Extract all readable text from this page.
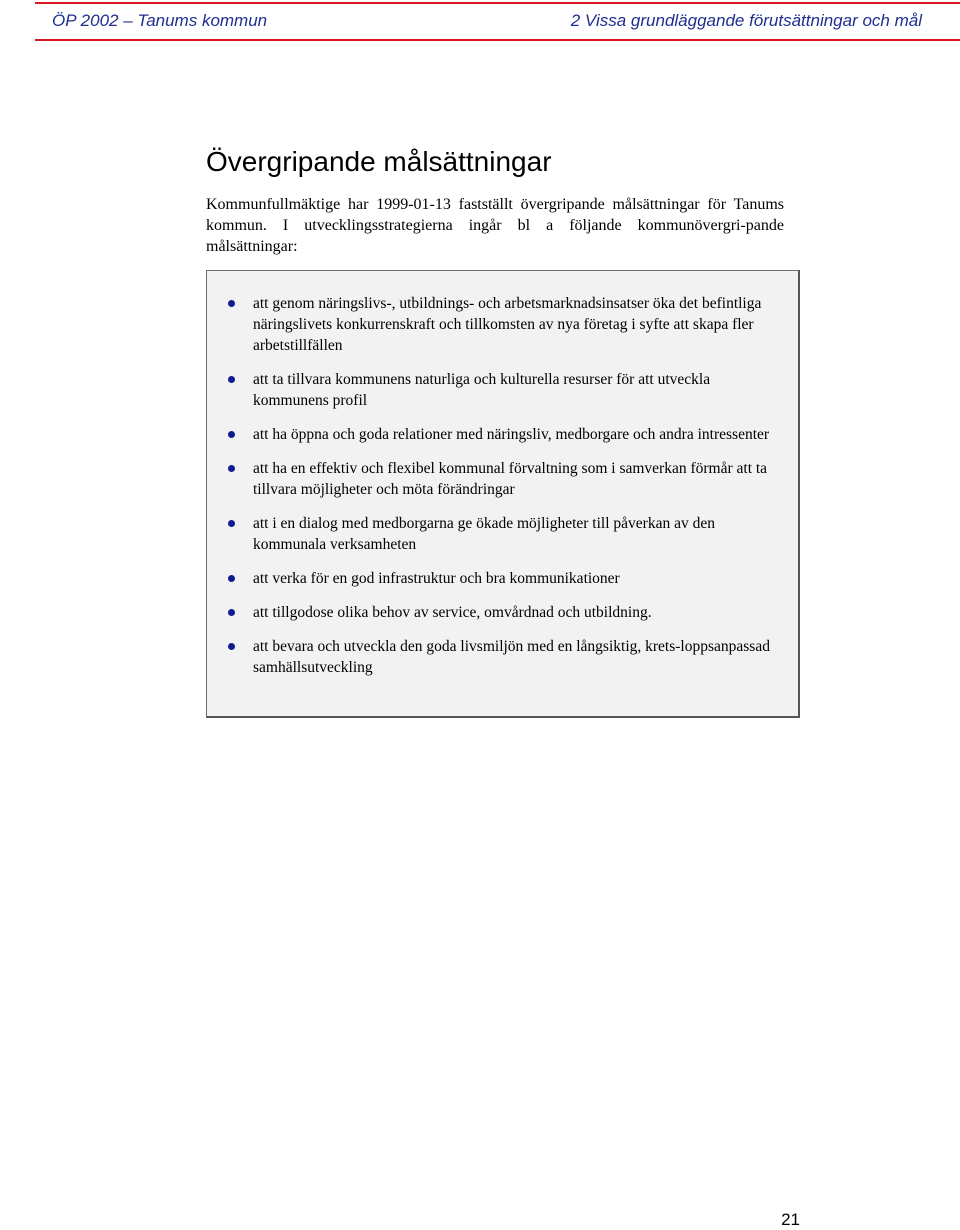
ÖP 2002 – Tanums kommun	2 Vissa grundläggande förutsättningar och mål
Övergripande målsättningar

Kommunfullmäktige har 1999-01-13 fastställt övergripande målsättningar för Tanums kommun. I utvecklingsstrategierna ingår bl a följande kommunövergri-pande målsättningar:

att genom näringslivs-, utbildnings- och arbetsmarknadsinsatser öka det befintliga näringslivets konkurrenskraft och tillkomsten av nya företag i syfte att skapa fler arbetstillfällen
att ta tillvara kommunens naturliga och kulturella resurser för att utveckla kommunens profil
att ha öppna och goda relationer med näringsliv, medborgare och andra intressenter
att ha en effektiv och flexibel kommunal förvaltning som i samverkan förmår att ta tillvara möjligheter och möta förändringar
att i en dialog med medborgarna ge ökade möjligheter till påverkan av den kommunala verksamheten
att verka för en god infrastruktur och bra kommunikationer
att tillgodose olika behov av service, omvårdnad och utbildning.
att bevara och utveckla den goda livsmiljön med en långsiktig, krets-loppsanpassad samhällsutveckling
21
